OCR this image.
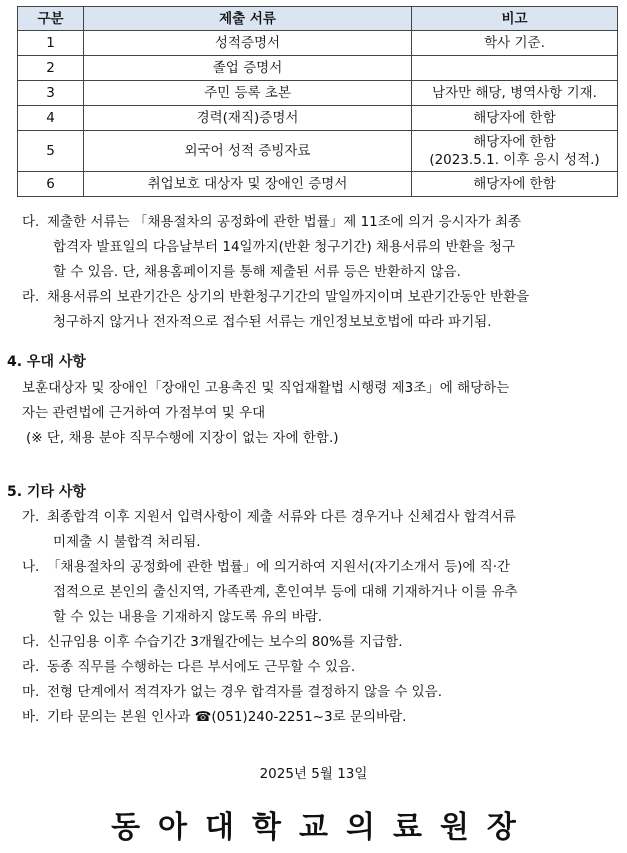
구분	제출 서류	비고
1	성적증명서	학사 기준.
2	졸업 증명서	
3	주민 등록 초본	남자만 해당, 병역사항 기재.
4	경력(재직)증명서	해당자에 한함
5	외국어 성적 증빙자료	해당자에 한함
(2023.5.1. 이후 응시 성적.)

6	취업보호 대상자 및 장애인 증명서	해당자에 한함
다. 제출한 서류는 「채용절차의 공정화에 관한 법률」제 11조에 의거 응시자가 최종
합격자 발표일의 다음날부터 14일까지(반환 청구기간) 채용서류의 반환을 청구
할 수 있음. 단, 채용홈페이지를 통해 제출된 서류 등은 반환하지 않음.
라. 채용서류의 보관기간은 상기의 반환청구기간의 말일까지이며 보관기간동안 반환을
청구하지 않거나 전자적으로 접수된 서류는 개인정보보호법에 따라 파기됨.
4. 우대 사항
보훈대상자 및 장애인「장애인 고용촉진 및 직업재활법 시행령 제3조」에 해당하는
자는 관련법에 근거하여 가점부여 및 우대
(※ 단, 채용 분야 직무수행에 지장이 없는 자에 한함.)
5. 기타 사항
가. 최종합격 이후 지원서 입력사항이 제출 서류와 다른 경우거나 신체검사 합격서류
미제출 시 불합격 처리됨.
나. 「채용절차의 공정화에 관한 법률」에 의거하여 지원서(자기소개서 등)에 직·간
접적으로 본인의 출신지역, 가족관계, 혼인여부 등에 대해 기재하거나 이를 유추
할 수 있는 내용을 기재하지 않도록 유의 바람.
다. 신규임용 이후 수습기간 3개월간에는 보수의 80%를 지급함.
라. 동종 직무를 수행하는 다른 부서에도 근무할 수 있음.
마. 전형 단계에서 적격자가 없는 경우 합격자를 결정하지 않을 수 있음.
바. 기타 문의는 본원 인사과 ☎(051)240-2251~3로 문의바람.
2025년 5월 13일
동아대학교의료원장
